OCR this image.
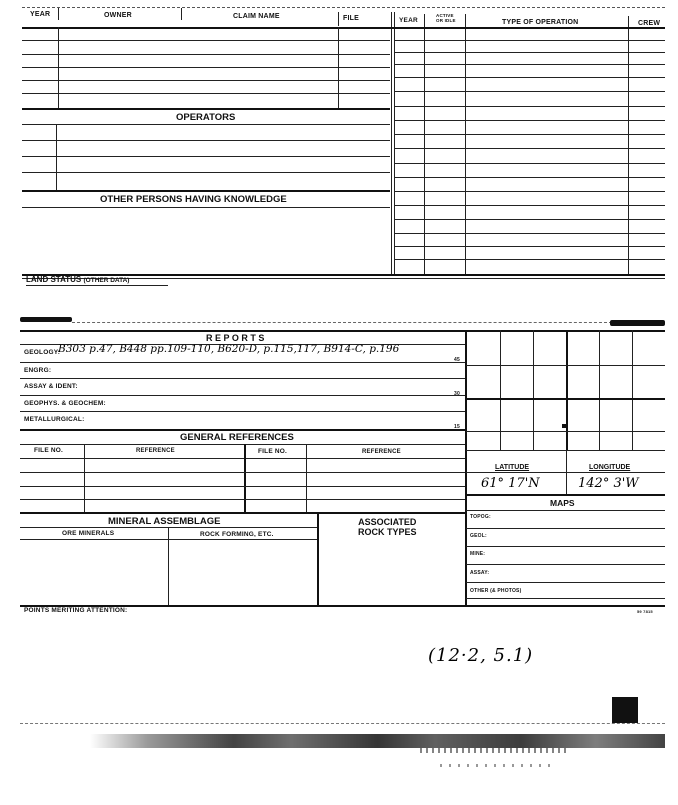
YEAR	OWNER	CLAIM NAME	FILE	YEAR
ACTIVE
OR IDLE	TYPE OF OPERATION	CREW
OPERATORS
OTHER PERSONS HAVING KNOWLEDGE
LAND STATUS (OTHER DATA)
R E P O R T S
GEOLOGY:
B303 p.47, B448 pp.109-110, B620-D, p.115,117, B914-C, p.196
ENGRG:
ASSAY & IDENT:
GEOPHYS. & GEOCHEM:
METALLURGICAL:
45
30
15
LATITUDE	LONGITUDE
61° 17'N	142° 3'W
MAPS
TOPOG:
GEOL:
MINE:
ASSAY:
OTHER (& PHOTOS)
GENERAL REFERENCES
FILE NO.	REFERENCE	FILE NO.	REFERENCE
MINERAL ASSEMBLAGE	ASSOCIATED
ROCK TYPES
ORE MINERALS	ROCK FORMING, ETC.
POINTS MERITING ATTENTION:	59 7815
(12·2, 5.1)
